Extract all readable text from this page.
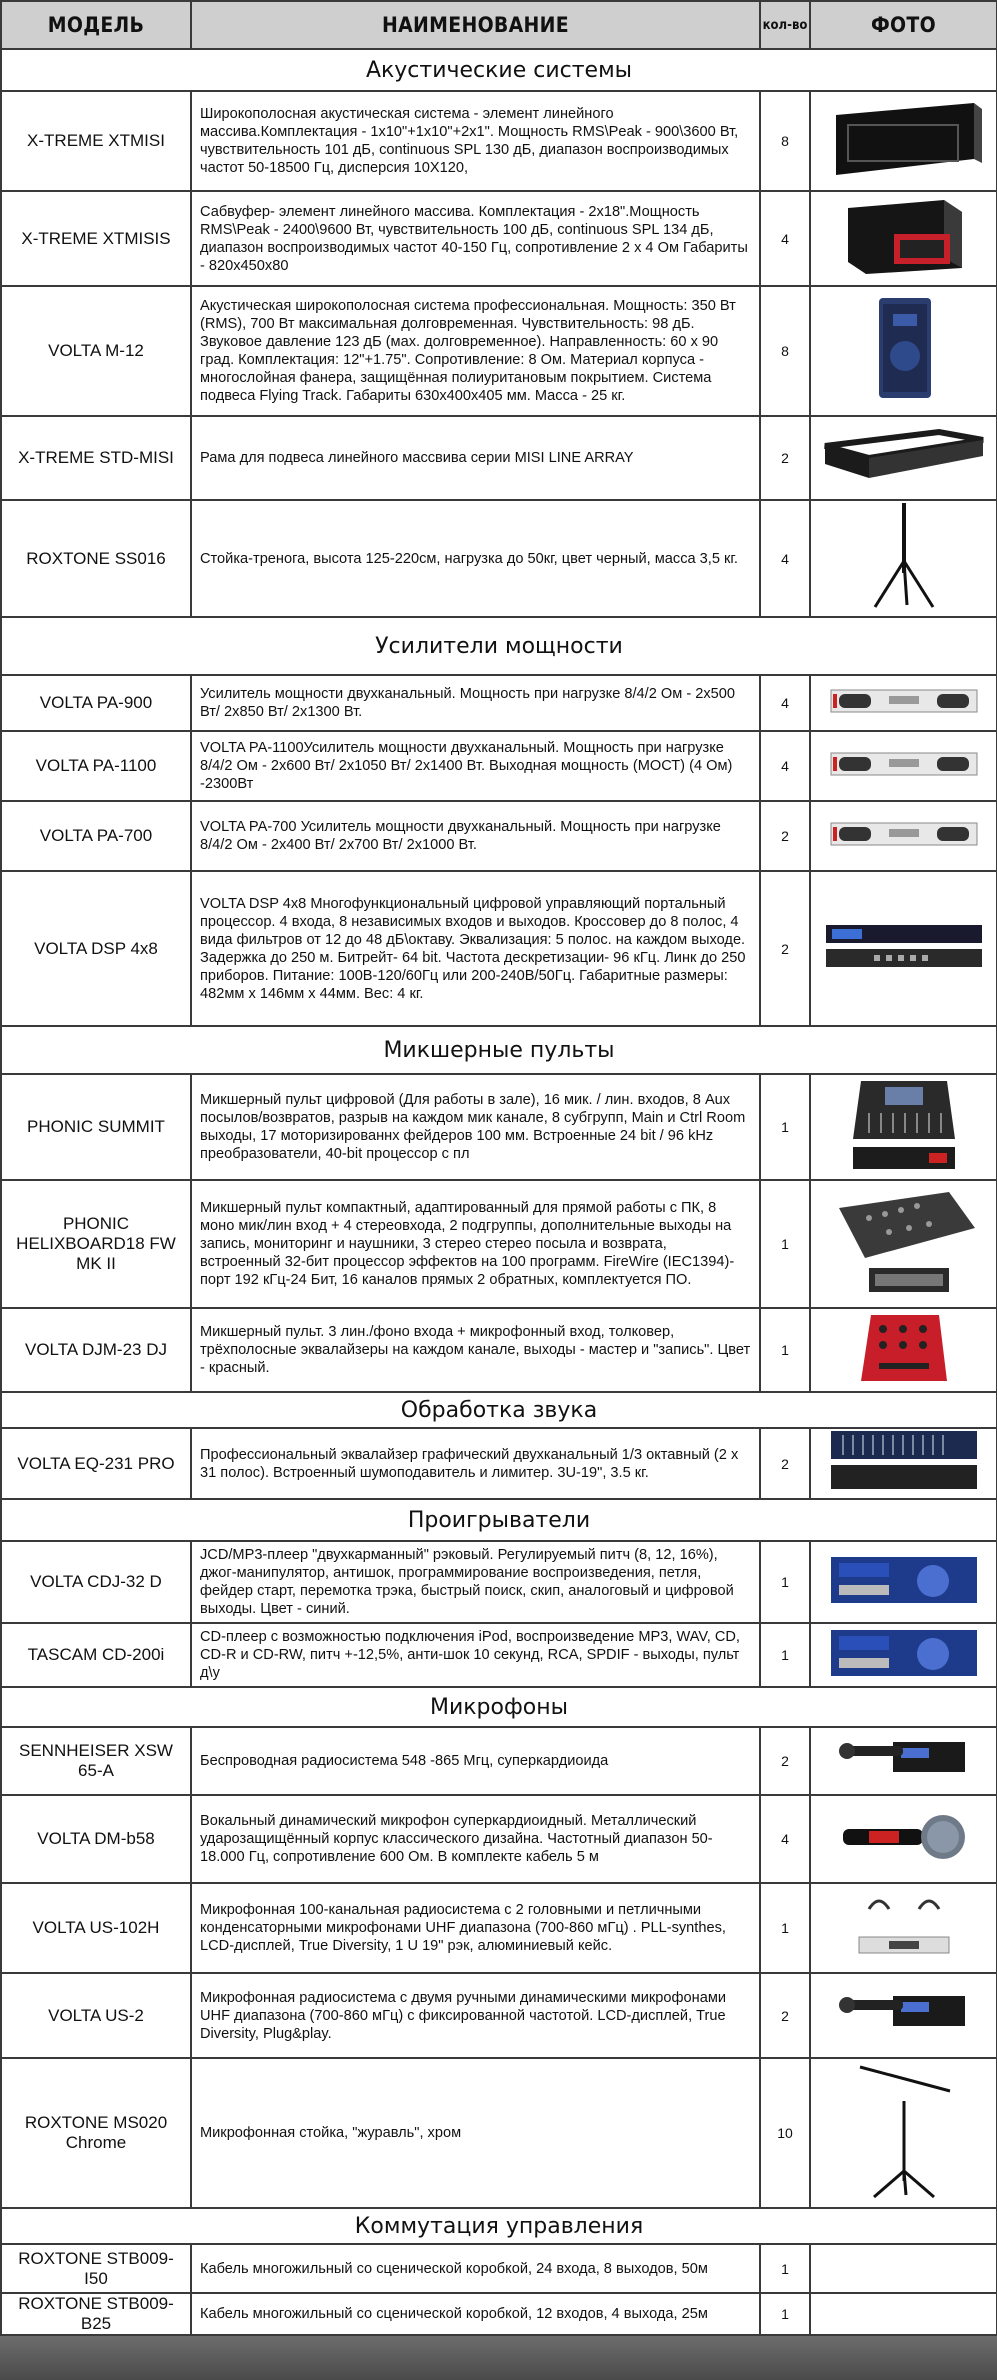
МОДЕЛЬ	НАИМЕНОВАНИЕ	кол-во	ФОТО
Акустические системы			
X-TREME XTMISI	Широкополосная акустическая система - элемент линейного массива.Комплектация - 1х10"+1х10"+2х1". Мощность RMS\Peak - 900\3600 Вт, чувствительность 101 дБ, continuous SPL 130 дБ, диапазон воспроизводимых частот 50-18500 Гц, дисперсия 10Х120,	8	
X-TREME XTMISIS	Сабвуфер- элемент линейного массива. Комплектация - 2х18".Мощность RMS\Peak - 2400\9600 Вт, чувствительность 100 дБ, continuous SPL 134 дБ, диапазон воспроизводимых частот 40-150 Гц, сопротивление 2 х 4 Ом Габариты - 820х450х80	4	
VOLTA M-12	Акустическая широкополосная система профессиональная. Мощность: 350 Вт (RMS), 700 Вт максимальная долговременная. Чувствительность: 98 дБ. Звуковое давление 123 дБ (мах. долговременное). Направленность: 60 х 90 град. Комплектация: 12"+1.75". Сопротивление: 8 Ом. Материал корпуса - многослойная фанера, защищённая полиуритановым покрытием. Система подвеса Flying Track. Габариты 630х400х405 мм. Масса - 25 кг.	8	
X-TREME STD-MISI	Рама для подвеса линейного массвива серии MISI LINE ARRAY	2	
ROXTONE SS016	Стойка-тренога, высота 125-220см, нагрузка до 50кг, цвет черный, масса 3,5 кг.	4	
Усилители мощности			
VOLTA PA-900	Усилитель мощности двухканальный. Мощность при нагрузке 8/4/2 Ом - 2х500 Вт/ 2х850 Вт/ 2х1300 Вт.	4	
VOLTA PA-1100	VOLTA PA-1100Усилитель мощности двухканальный. Мощность при нагрузке 8/4/2 Ом - 2х600 Вт/ 2х1050 Вт/ 2х1400 Вт. Выходная мощность (МОСТ) (4 Ом) -2300Вт	4	
VOLTA PA-700	VOLTA PA-700 Усилитель мощности двухканальный. Мощность при нагрузке 8/4/2 Ом - 2х400 Вт/ 2х700 Вт/ 2х1000 Вт.	2	
VOLTA DSP 4x8	VOLTA DSP 4x8 Многофункциональный цифровой управляющий портальный процессор. 4 входа, 8 независимых входов и выходов. Кроссовер до 8 полос, 4 вида фильтров от 12 до 48 дБ\октаву. Эквализация: 5 полос. на каждом выходе. Задержка до 250 м. Битрейт- 64 bit. Частота дескретизации- 96 кГц. Линк до 250 приборов. Питание: 100В-120/60Гц или 200-240В/50Гц. Габаритные размеры: 482мм х 146мм х 44мм. Вес: 4 кг.	2	
Микшерные пульты			
PHONIC SUMMIT	Микшерный пульт цифровой (Для работы в зале), 16 мик. / лин. входов, 8 Aux посылов/возвратов, разрыв на каждом мик канале, 8 субгрупп, Main и Ctrl Room выходы, 17 моторизированнх фейдеров 100 мм. Встроенные 24 bit / 96 kHz преобразователи, 40-bit процессор с пл	1	
PHONIC HELIXBOARD18 FW MK II	Микшерный пульт компактный, адаптированный для прямой работы с ПК, 8 моно мик/лин вход + 4 стереовхода, 2 подгруппы, дополнительные выходы на запись, мониторинг и наушники, 3 стерео стерео посыла и возврата, встроенный 32-бит процессор эффектов на 100 программ. FireWire (IEC1394)-порт 192 кГц-24 Бит, 16 каналов прямых 2 обратных, комплектуется ПО.	1	
VOLTA DJM-23 DJ	Микшерный пульт. 3 лин./фоно входа + микрофонный вход, толковер, трёхполосные эквалайзеры на каждом канале, выходы - мастер и "запись". Цвет - красный.	1	
Обработка звука			
VOLTA EQ-231 PRO	Профессиональный эквалайзер графический двухканальный 1/3 октавный (2 х 31 полос). Встроенный шумоподавитель и лимитер. 3U-19", 3.5 кг.	2	
Проигрыватели			
VOLTA CDJ-32 D	JCD/MP3-плеер "двухкарманный" рэковый. Регулируемый питч (8, 12, 16%), джог-манипулятор, антишок, программирование воспроизведения, петля, фейдер старт, перемотка трэка, быстрый поиск, скип, аналоговый и цифровой выходы. Цвет - синий.	1	
TASCAM CD-200i	CD-плеер с возможностью подключения iPod, воспроизведение MP3, WAV, CD, CD-R и CD-RW, питч +-12,5%, анти-шок 10 секунд, RCA, SPDIF - выходы, пульт д\у	1	
Микрофоны			
SENNHEISER XSW 65-A	Беспроводная радиосистема 548 -865 Мгц, суперкардиоида	2	
VOLTA DM-b58	Вокальный динамический микрофон суперкардиоидный. Металлический ударозащищённый корпус классического дизайна. Частотный диапазон 50-18.000 Гц, сопротивление 600 Ом. В комплекте кабель 5 м	4	
VOLTA US-102H	Микрофонная 100-канальная радиосистема с 2 головными и петличными конденсаторными микрофонами UHF диапазона (700-860 мГц) . PLL-synthes, LCD-дисплей, True Diversity, 1 U 19" рэк, алюминиевый кейс.	1	
VOLTA US-2	Микрофонная радиосистема с двумя ручными динамическими микрофонами UHF диапазона (700-860 мГц) с фиксированной частотой. LCD-дисплей, True Diversity, Plug&play.	2	
ROXTONE MS020 Chrome	Микрофонная стойка, "журавль", хром	10	
Коммутация управления			
ROXTONE STB009-I50	Кабель многожильный со сценической коробкой, 24 входа, 8 выходов, 50м	1	
ROXTONE STB009-B25	Кабель многожильный со сценической коробкой, 12 входов, 4 выхода, 25м	1	
